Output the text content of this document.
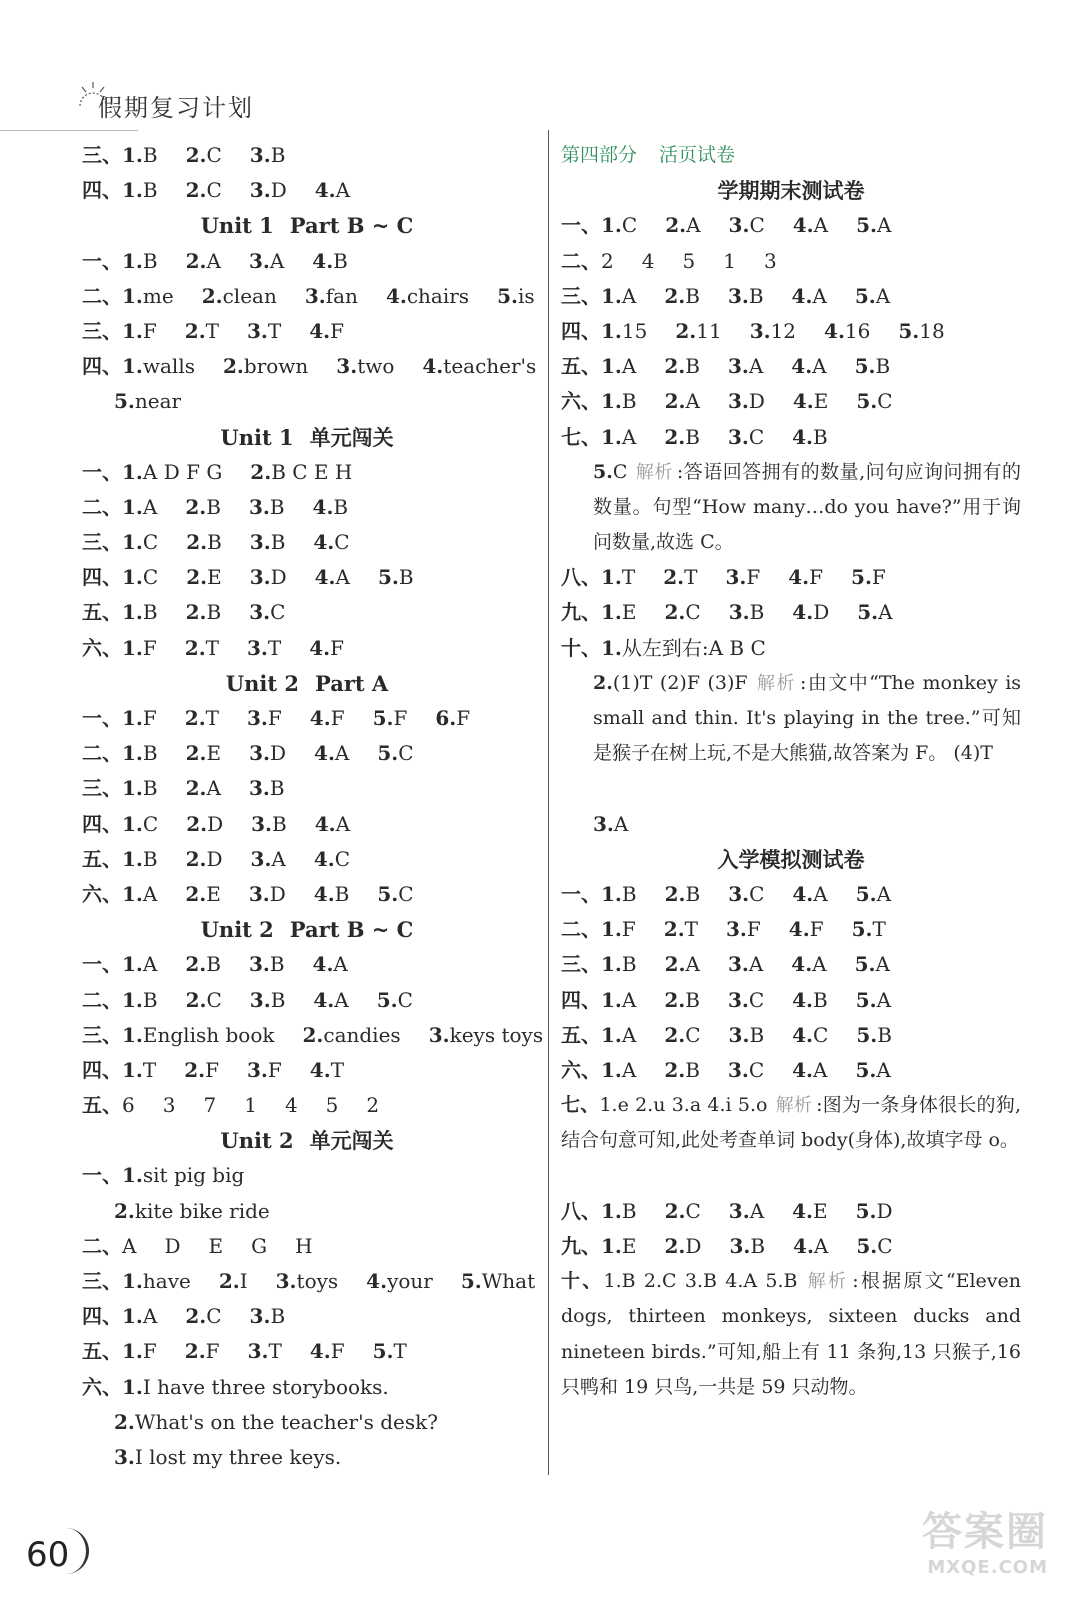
假期复习计划
三、1.B 2.C 3.B
四、1.B 2.C 3.D 4.A
Unit 1 Part B ~ C
一、1.B 2.A 3.A 4.B
二、1.me 2.clean 3.fan 4.chairs 5.is
三、1.F 2.T 3.T 4.F
四、1.walls 2.brown 3.two 4.teacher's
5.near
Unit 1 单元闯关
一、1.A D F G 2.B C E H
二、1.A 2.B 3.B 4.B
三、1.C 2.B 3.B 4.C
四、1.C 2.E 3.D 4.A 5.B
五、1.B 2.B 3.C
六、1.F 2.T 3.T 4.F
Unit 2 Part A
一、1.F 2.T 3.F 4.F 5.F 6.F
二、1.B 2.E 3.D 4.A 5.C
三、1.B 2.A 3.B
四、1.C 2.D 3.B 4.A
五、1.B 2.D 3.A 4.C
六、1.A 2.E 3.D 4.B 5.C
Unit 2 Part B ~ C
一、1.A 2.B 3.B 4.A
二、1.B 2.C 3.B 4.A 5.C
三、1.English book 2.candies 3.keys toys
四、1.T 2.F 3.F 4.T
五、6 3 7 1 4 5 2
Unit 2 单元闯关
一、1.sit pig big
2.kite bike ride
二、A D E G H
三、1.have 2.I 3.toys 4.your 5.What
四、1.A 2.C 3.B
五、1.F 2.F 3.T 4.F 5.T
六、1.I have three storybooks.
2.What's on the teacher's desk?
3.I lost my three keys.
第四部分 活页试卷
学期期末测试卷
一、1.C 2.A 3.C 4.A 5.A
二、2 4 5 1 3
三、1.A 2.B 3.B 4.A 5.A
四、1.15 2.11 3.12 4.16 5.18
五、1.A 2.B 3.A 4.A 5.B
六、1.B 2.A 3.D 4.E 5.C
七、1.A 2.B 3.C 4.B
5.C 解析 :答语回答拥有的数量,问句应询问拥有的数量。句型“How many…do you have?”用于询问数量,故选 C。
八、1.T 2.T 3.F 4.F 5.F
九、1.E 2.C 3.B 4.D 5.A
十、1.从左到右:A B C
2.(1)T (2)F (3)F 解析 :由文中“The monkey is small and thin. It's playing in the tree.”可知是猴子在树上玩,不是大熊猫,故答案为 F。 (4)T
3.A
入学模拟测试卷
一、1.B 2.B 3.C 4.A 5.A
二、1.F 2.T 3.F 4.F 5.T
三、1.B 2.A 3.A 4.A 5.A
四、1.A 2.B 3.C 4.B 5.A
五、1.A 2.C 3.B 4.C 5.B
六、1.A 2.B 3.C 4.A 5.A
七、1.e 2.u 3.a 4.i 5.o 解析 :图为一条身体很长的狗,结合句意可知,此处考查单词 body(身体),故填字母 o。
八、1.B 2.C 3.A 4.E 5.D
九、1.E 2.D 3.B 4.A 5.C
十、1.B 2.C 3.B 4.A 5.B 解析 :根据原文“Eleven dogs, thirteen monkeys, sixteen ducks and nineteen birds.”可知,船上有 11 条狗,13 只猴子,16 只鸭和 19 只鸟,一共是 59 只动物。
60	答案圈
MXQE.COM
